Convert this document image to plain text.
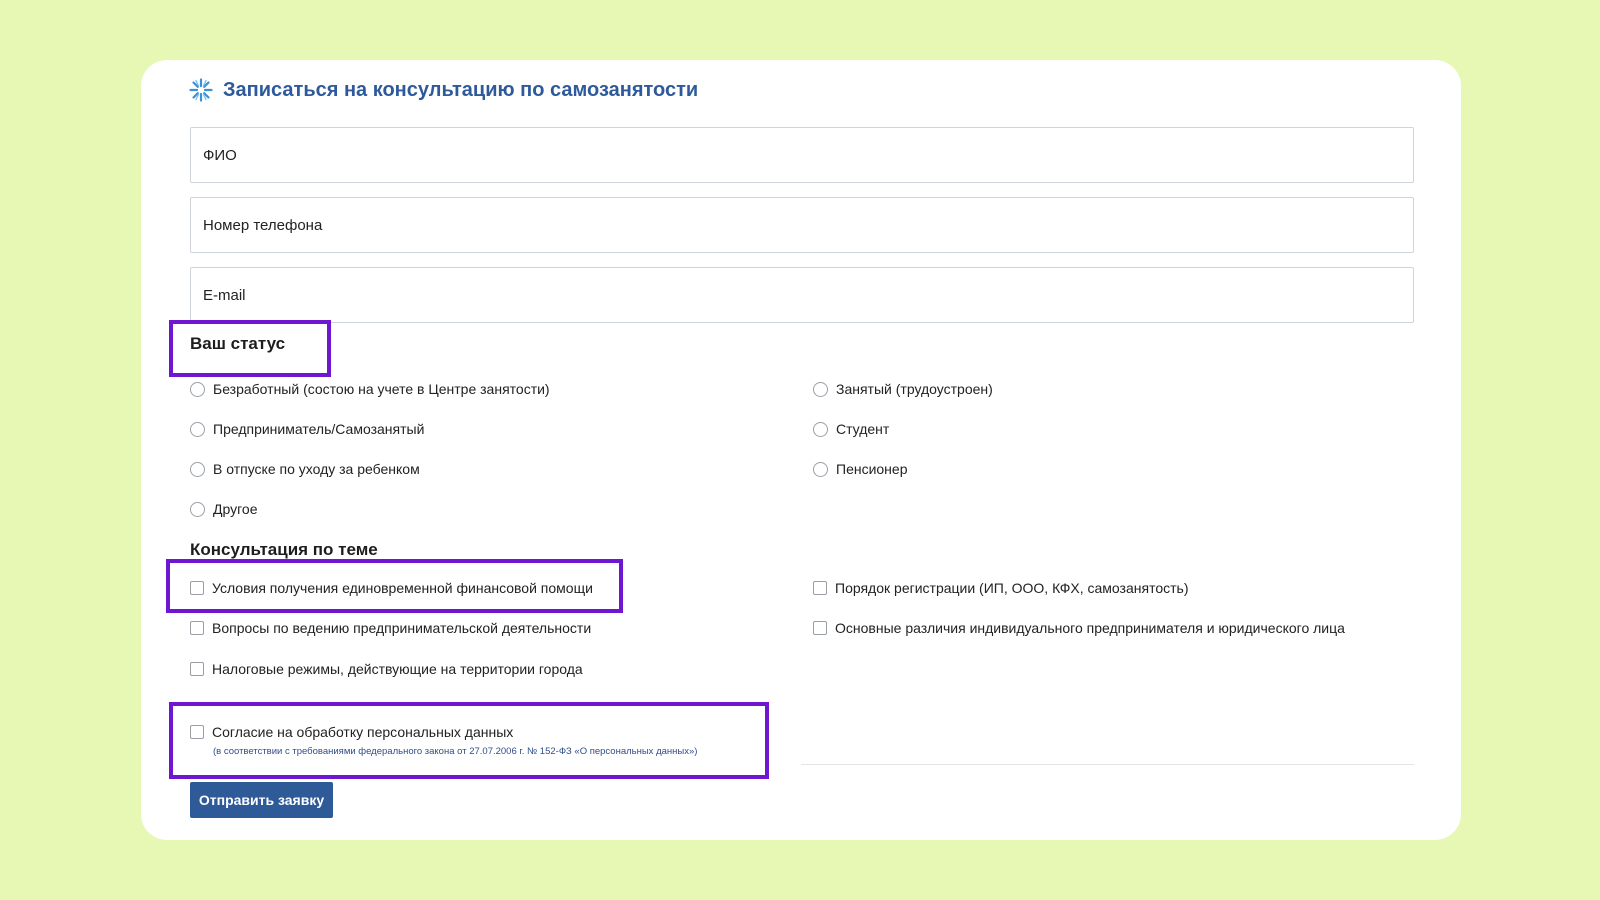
Записаться на консультацию по самозанятости
ФИО
Номер телефона
E-mail
Ваш статус
Безработный (состою на учете в Центре занятости)
Предприниматель/Самозанятый
В отпуске по уходу за ребенком
Другое
Занятый (трудоустроен)
Студент
Пенсионер
Консультация по теме
Условия получения единовременной финансовой помощи
Вопросы по ведению предпринимательской деятельности
Налоговые режимы, действующие на территории города
Порядок регистрации (ИП, ООО, КФХ, самозанятость)
Основные различия индивидуального предпринимателя и юридического лица
Согласие на обработку персональных данных
(в соответствии с требованиями федерального закона от 27.07.2006 г. № 152-ФЗ «О персональных данных»)
Отправить заявку
